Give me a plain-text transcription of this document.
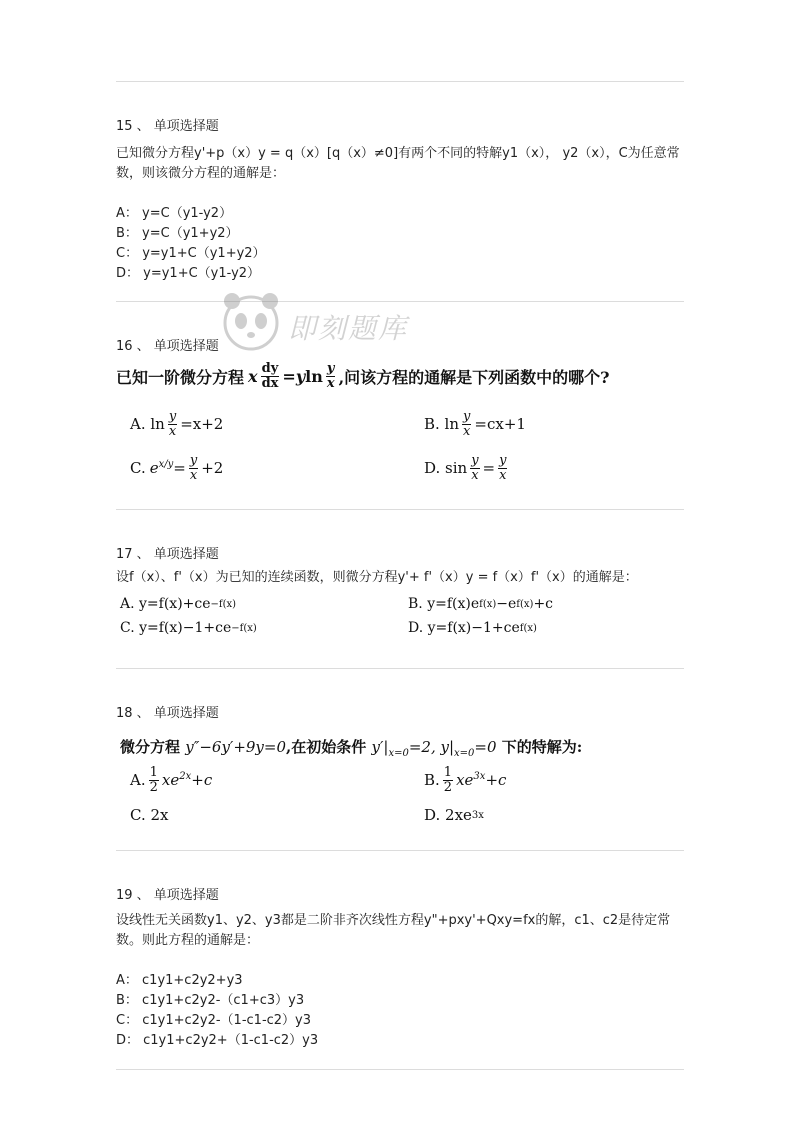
15 、 单项选择题
已知微分方程y'+p（x）y = q（x）[q（x）≠0]有两个不同的特解y1（x）， y2（x），C为任意常数，则该微分方程的通解是：
A： y=C（y1-y2）
B： y=C（y1+y2）
C： y=y1+C（y1+y2）
D： y=y1+C（y1-y2）
即刻题库
16 、 单项选择题
已知一阶微分方程 x $\frac{dy}{dx} =yln \frac{y}{x}$ ,问该方程的通解是下列函数中的哪个?
A. $\ln \frac{y}{x} =x+2$	B. $\ln \frac{y}{x} =cx+1$
C. $e^{x/y} = \frac{y}{x} +2$	D. $\sin \frac{y}{x} = \frac{y}{x}$
17 、 单项选择题
设f（x）、f'（x）为已知的连续函数，则微分方程y'+ f'（x）y = f（x）f'（x）的通解是：
A. y=f(x)+ce −f(x)	B. y=f(x)e f(x) −e f(x) +c
C. y=f(x)−1+ce −f(x)	D. y=f(x)−1+ce f(x)
18 、 单项选择题
微分方程 y″−6y′+9y=0,在初始条件 $y'|_{x=0}=2$, $y|_{x=0}=0$ 下的特解为:
A. $\frac{1}{2} xe^{2x}+c$	B. $\frac{1}{2} xe^{3x}+c$
C. 2x	D. 2xe 3x
19 、 单项选择题
设线性无关函数y1、y2、y3都是二阶非齐次线性方程y"+pxy'+Qxy=fx的解，c1、c2是待定常数。则此方程的通解是：
A： c1y1+c2y2+y3
B： c1y1+c2y2-（c1+c3）y3
C： c1y1+c2y2-（1-c1-c2）y3
D： c1y1+c2y2+（1-c1-c2）y3
